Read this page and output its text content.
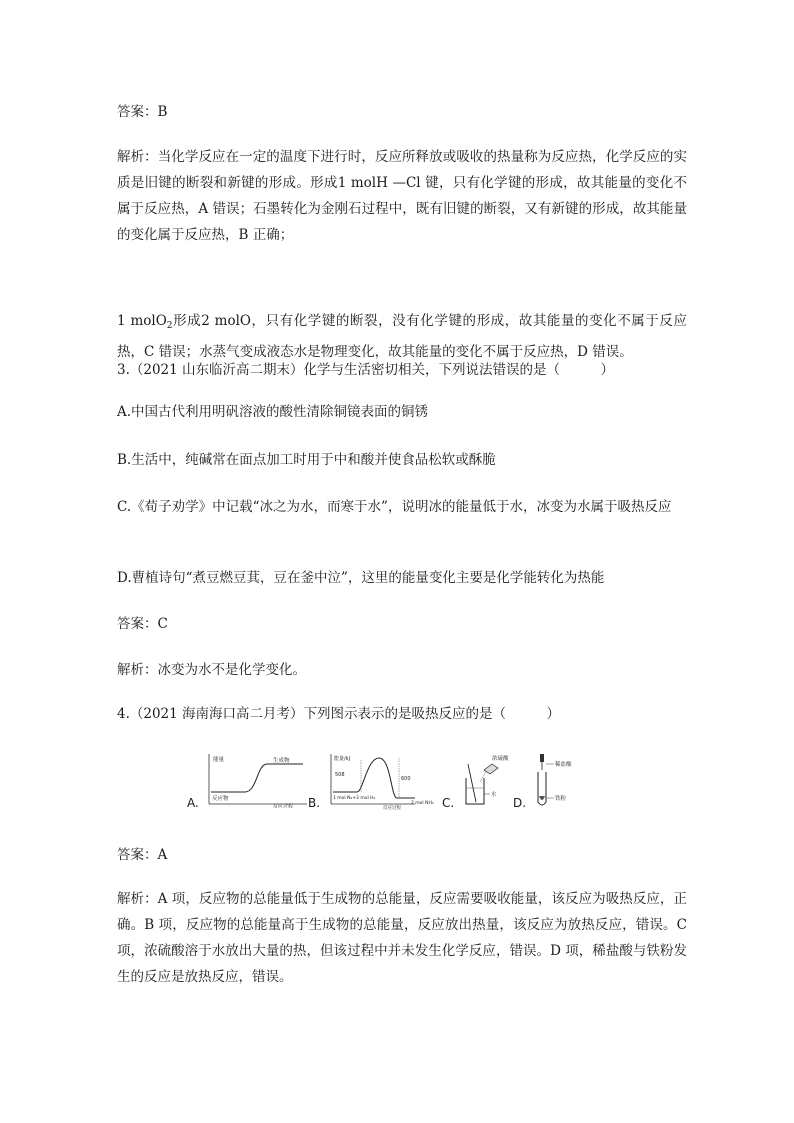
答案：B

解析：当化学反应在一定的温度下进行时，反应所释放或吸收的热量称为反应热，化学反应的实质是旧键的断裂和新键的形成。形成1 molH —Cl 键，只有化学键的形成，故其能量的变化不属于反应热，A 错误；石墨转化为金刚石过程中，既有旧键的断裂，又有新键的形成，故其能量的变化属于反应热，B 正确；

1 molO$_2$形成2 molO，只有化学键的断裂，没有化学键的形成，故其能量的变化不属于反应热，C 错误；水蒸气变成液态水是物理变化，故其能量的变化不属于反应热，D 错误。

3.（2021 山东临沂高二期末）化学与生活密切相关，下列说法错误的是（　　　）

A.中国古代利用明矾溶液的酸性清除铜镜表面的铜锈

B.生活中，纯碱常在面点加工时用于中和酸并使食品松软或酥脆

C.《荀子劝学》中记载“冰之为水，而寒于水”，说明冰的能量低于水，冰变为水属于吸热反应

D.曹植诗句“煮豆燃豆萁，豆在釜中泣”，这里的能量变化主要是化学能转化为热能

答案：C

解析：冰变为水不是化学变化。

4.（2021 海南海口高二月考）下列图示表示的是吸热反应的是（　　　）

能量	生成物
反应物
反应过程
A.
能量/kJ
508
600
1 mol N₂+3 mol H₂
2 mol NH₃
反应过程
B.
浓硫酸
水
C.
稀盐酸
铁粉
D.

答案：A

解析：A 项，反应物的总能量低于生成物的总能量，反应需要吸收能量，该反应为吸热反应，正确。B 项，反应物的总能量高于生成物的总能量，反应放出热量，该反应为放热反应，错误。C 项，浓硫酸溶于水放出大量的热，但该过程中并未发生化学反应，错误。D 项，稀盐酸与铁粉发生的反应是放热反应，错误。
